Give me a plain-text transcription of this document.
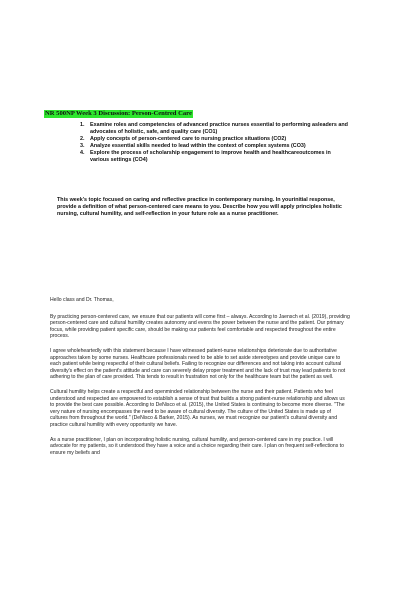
NR 500NP Week 3 Discussion: Person-Centred Care
1. Examine roles and competencies of advanced practice nurses essential to performing asleaders and advocates of holistic, safe, and quality care (CO1)
2. Apply concepts of person-centered care to nursing practice situations (CO2)
3. Analyze essential skills needed to lead within the context of complex systems (CO3)
4. Explore the process of scholarship engagement to improve health and healthcareoutcomes in various settings (CO4)
This week's topic focused on caring and reflective practice in contemporary nursing. In yourinitial response, provide a definition of what person-centered care means to you. Describe how you will apply principles holistic nursing, cultural humility, and self-reflection in your future role as a nurse practitioner.

Hello class and Dr. Thomas,

By practicing person-centered care, we ensure that our patients will come first – always. According to Jaensch et al. (2019), providing person-centered care and cultural humility creates autonomy and evens the power between the nurse and the patient. Our primary focus, while providing patient specific care, should be making our patients feel comfortable and respected throughout the entire process.

I agree wholeheartedly with this statement because I have witnessed patient-nurse relationships deteriorate due to authoritative approaches taken by some nurses. Healthcare professionals need to be able to set aside stereotypes and provide unique care to each patient while being respectful of their cultural beliefs. Failing to recognize our differences and not taking into account cultural diversity's effect on the patient's attitude and care can severely delay proper treatment and the lack of trust may lead patients to not adhering to the plan of care provided. This tends to result in frustration not only for the healthcare team but the patient as well.

Cultural humility helps create a respectful and openminded relationship between the nurse and their patient. Patients who feel understood and respected are empowered to establish a sense of trust that builds a strong patient-nurse relationship and allows us to provide the best care possible. According to DeNisco et al. (2015), the United States is continuing to become more diverse. "The very nature of nursing encompasses the need to be aware of cultural diversity. The culture of the United States is made up of cultures from throughout the world." (DeNisco & Barker, 2015). As nurses, we must recognize our patient's cultural diversity and practice cultural humility with every opportunity we have.

As a nurse practitioner, I plan on incorporating holistic nursing, cultural humility, and person-centered care in my practice. I will advocate for my patients, so it understood they have a voice and a choice regarding their care. I plan on frequent self-reflections to ensure my beliefs and
